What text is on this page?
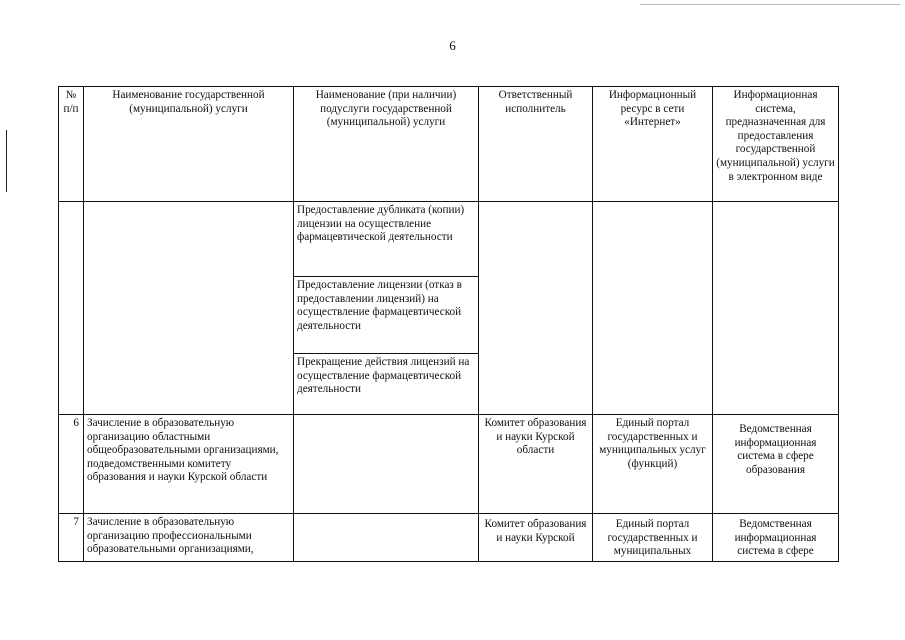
6
№ п/п	Наименование государственной (муниципальной) услуги	Наименование (при наличии) подуслуги государственной (муниципальной) услуги	Ответственный исполнитель	Информационный ресурс в сети «Интернет»	Информационная система, предназначенная для предоставления государственной (муниципальной) услуги в электронном виде
		Предоставление дубликата (копии) лицензии на осуществление фармацевтической деятельности			
		Предоставление лицензии (отказ в предоставлении лицензий) на осуществление фармацевтической деятельности			
		Прекращение действия лицензий на осуществление фармацевтической деятельности			
6	Зачисление в образовательную организацию областными общеобразовательными организациями, подведомственными комитету образования и науки Курской области		Комитет образования и науки Курской области	Единый портал государственных и муниципальных услуг (функций)	Ведомственная информационная система в сфере образования
7	Зачисление в образовательную организацию профессиональными образовательными организациями,		Комитет образования и науки Курской	Единый портал государственных и муниципальных	Ведомственная информационная система в сфере
